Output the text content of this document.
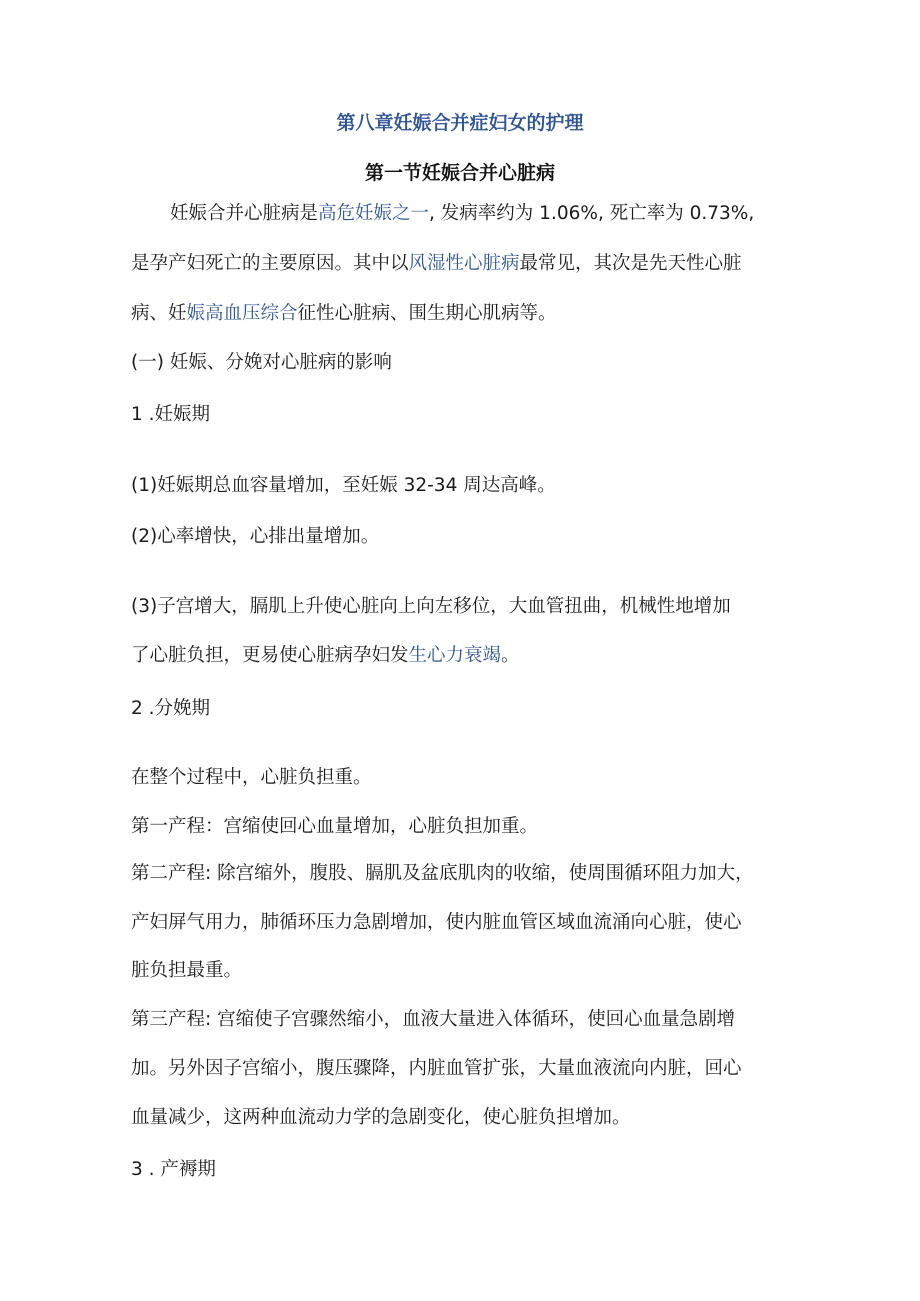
第八章妊娠合并症妇女的护理
第一节妊娠合并心脏病
妊娠合并心脏病是高危妊娠之一, 发病率约为 1.06%, 死亡率为 0.73%,
是孕产妇死亡的主要原因。其中以风湿性心脏病最常见，其次是先天性心脏
病、妊娠高血压综合征性心脏病、围生期心肌病等。
(一) 妊娠、分娩对心脏病的影响
1 .妊娠期
(1)妊娠期总血容量增加，至妊娠 32-34 周达高峰。
(2)心率增快，心排出量增加。
(3)子宫增大，膈肌上升使心脏向上向左移位，大血管扭曲，机械性地增加
了心脏负担，更易使心脏病孕妇发生心力衰竭。
2 .分娩期
在整个过程中，心脏负担重。
第一产程：宫缩使回心血量增加，心脏负担加重。
第二产程: 除宫缩外，腹股、膈肌及盆底肌肉的收缩，使周围循环阻力加大，
产妇屏气用力，肺循环压力急剧增加，使内脏血管区域血流涌向心脏，使心
脏负担最重。
第三产程: 宫缩使子宫骤然缩小，血液大量进入体循环，使回心血量急剧增
加。另外因子宫缩小，腹压骤降，内脏血管扩张，大量血液流向内脏，回心
血量减少，这两种血流动力学的急剧变化，使心脏负担增加。
3 . 产褥期
